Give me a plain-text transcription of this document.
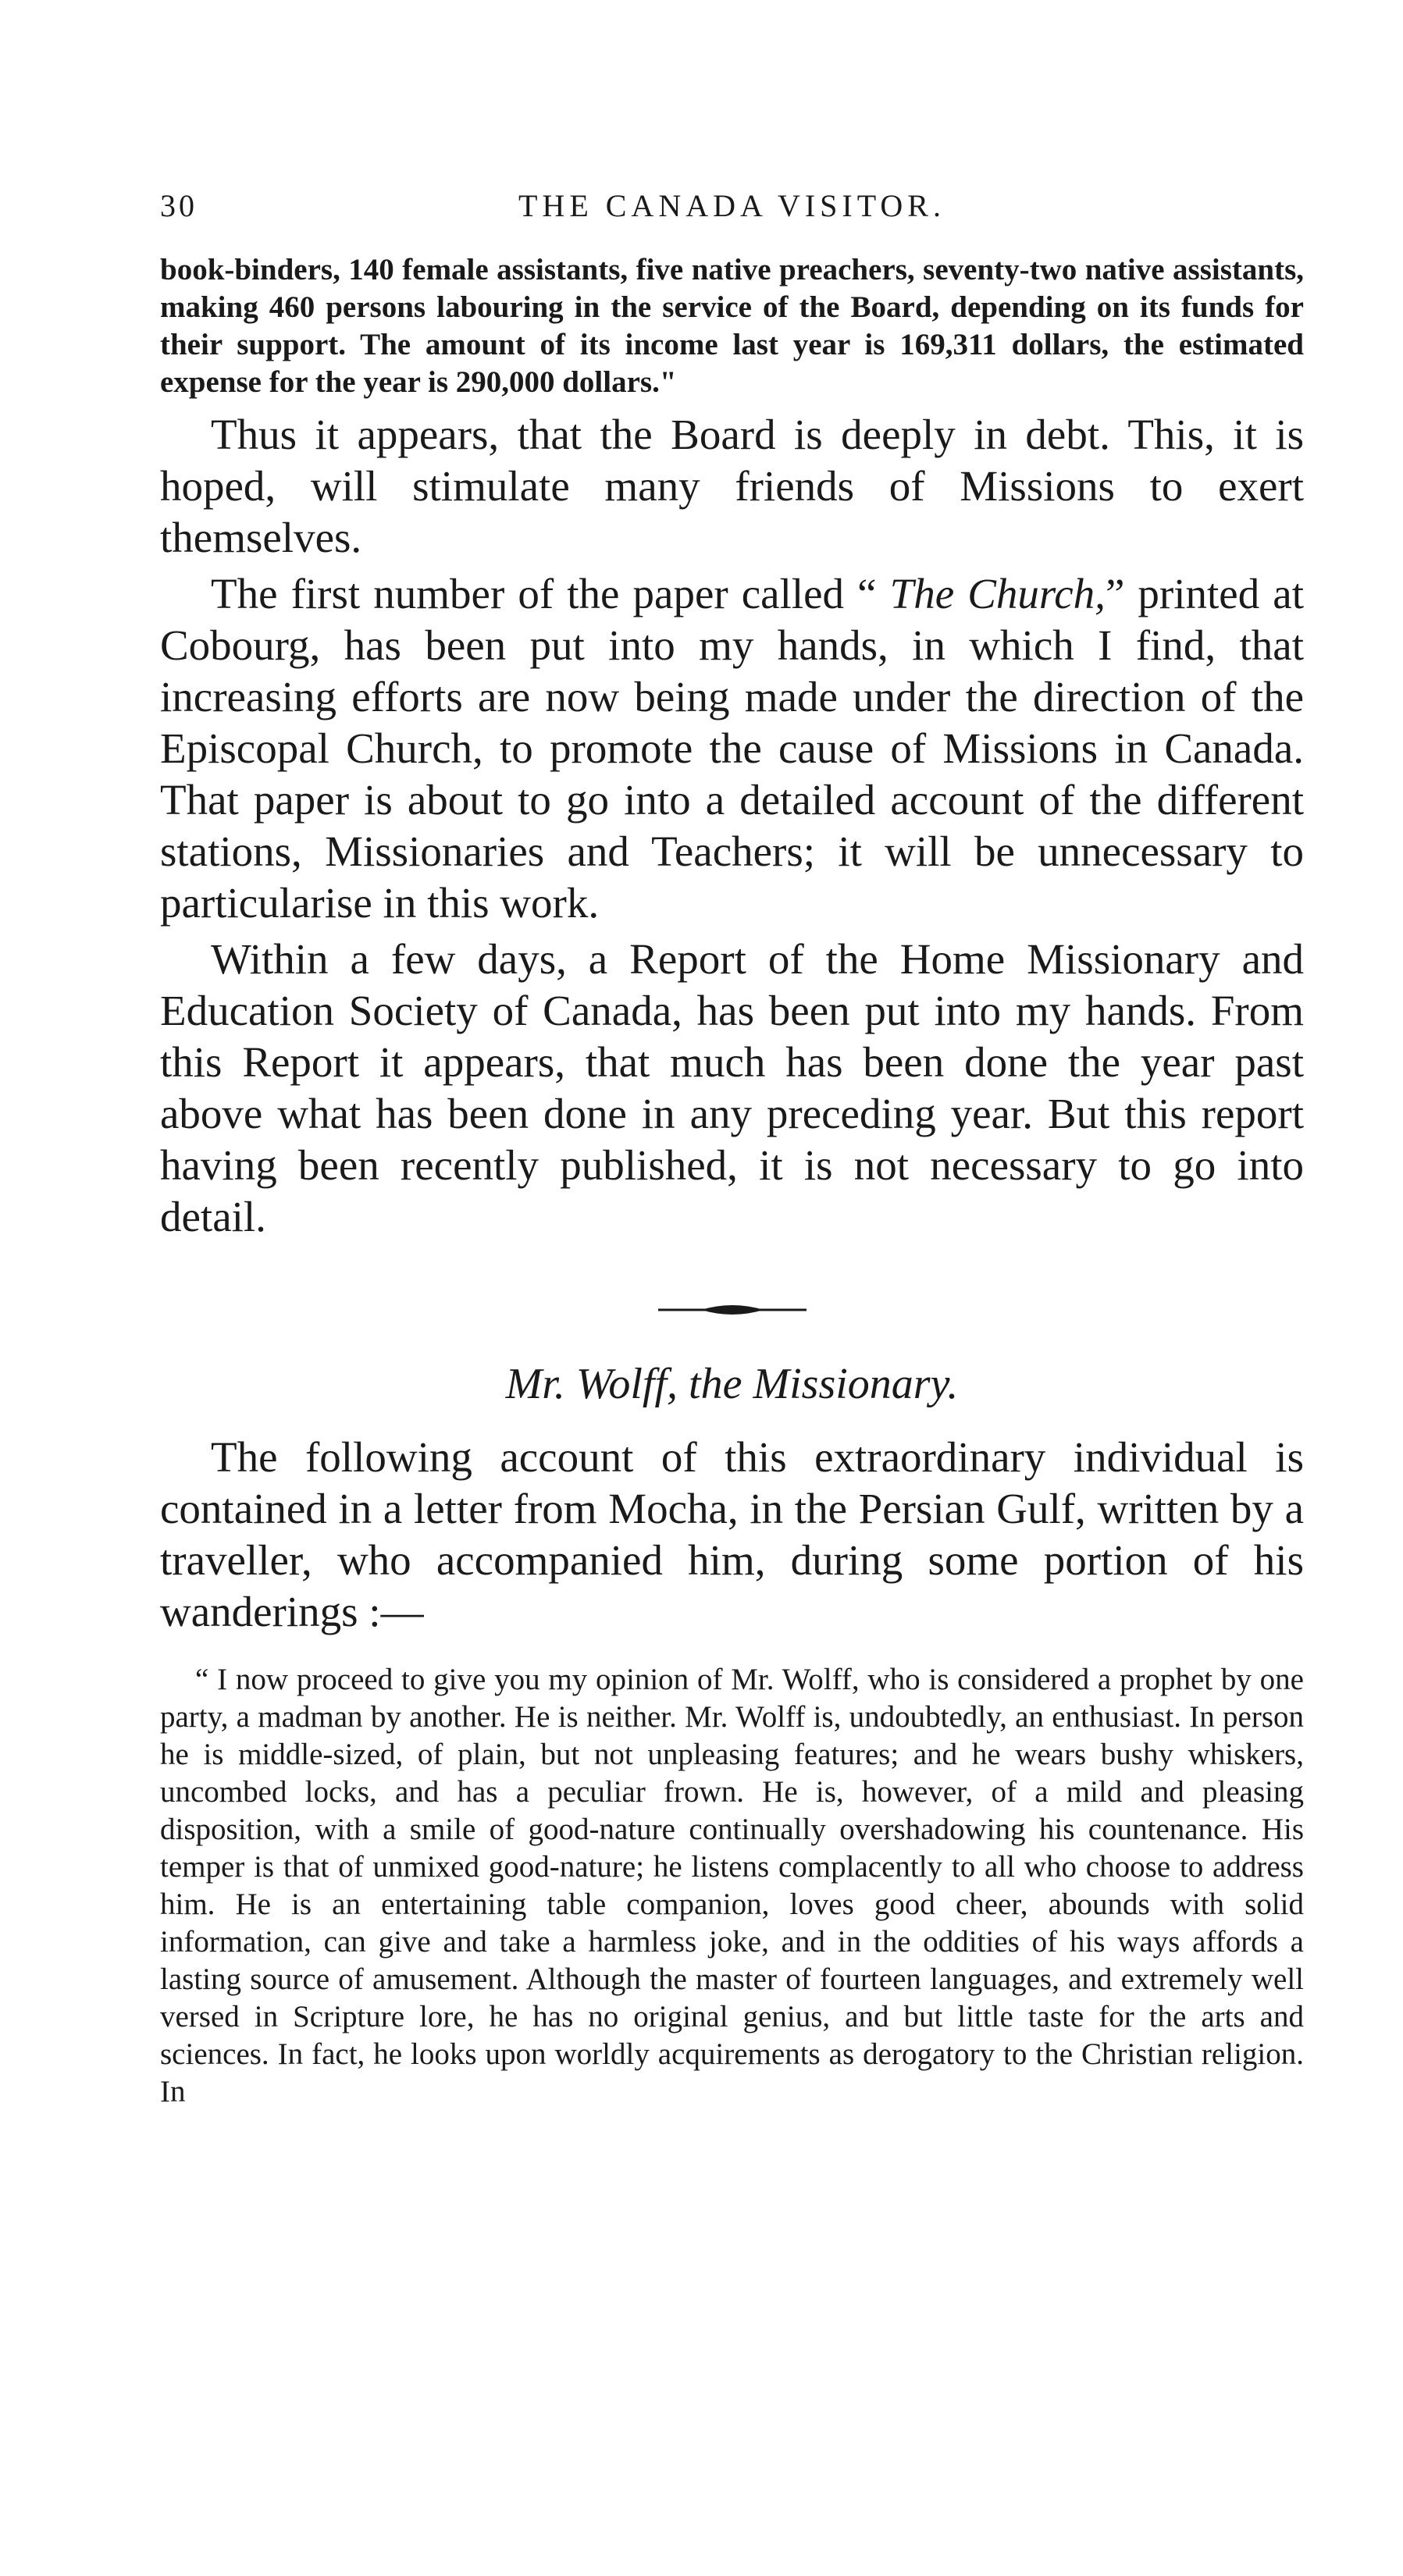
30	THE CANADA VISITOR.

book-binders, 140 female assistants, five native preachers, seventy-two native assistants, making 460 persons labouring in the service of the Board, depending on its funds for their support. The amount of its income last year is 169,311 dollars, the estimated expense for the year is 290,000 dollars."

Thus it appears, that the Board is deeply in debt. This, it is hoped, will stimulate many friends of Missions to exert themselves.

The first number of the paper called “ The Church,” printed at Cobourg, has been put into my hands, in which I find, that increasing efforts are now being made under the direction of the Episcopal Church, to promote the cause of Missions in Canada. That paper is about to go into a detailed account of the different stations, Missionaries and Teachers; it will be unnecessary to particularise in this work.

Within a few days, a Report of the Home Missionary and Education Society of Canada, has been put into my hands. From this Report it appears, that much has been done the year past above what has been done in any preceding year. But this report having been recently published, it is not necessary to go into detail.

Mr. Wolff, the Missionary.

The following account of this extraordinary individual is contained in a letter from Mocha, in the Persian Gulf, written by a traveller, who accompanied him, during some portion of his wanderings :—

“ I now proceed to give you my opinion of Mr. Wolff, who is considered a prophet by one party, a madman by another. He is neither. Mr. Wolff is, undoubtedly, an enthusiast. In person he is middle-sized, of plain, but not unpleasing features; and he wears bushy whiskers, uncombed locks, and has a peculiar frown. He is, however, of a mild and pleasing disposition, with a smile of good-nature continually overshadowing his countenance. His temper is that of unmixed good-nature; he listens complacently to all who choose to address him. He is an entertaining table companion, loves good cheer, abounds with solid information, can give and take a harmless joke, and in the oddities of his ways affords a lasting source of amusement. Although the master of fourteen languages, and extremely well versed in Scripture lore, he has no original genius, and but little taste for the arts and sciences. In fact, he looks upon worldly acquirements as derogatory to the Christian religion. In
